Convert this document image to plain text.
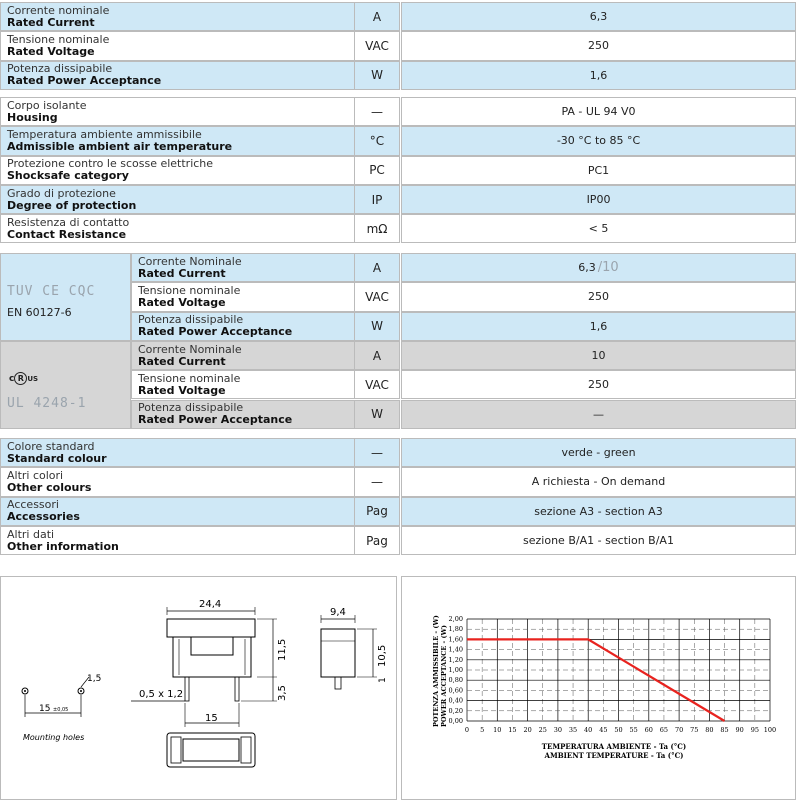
Corrente nominale
Rated Current	A	6,3
Tensione nominale
Rated Voltage	VAC	250
Potenza dissipabile
Rated Power Acceptance	W	1,6
Corpo isolante
Housing	—	PA - UL 94 V0
Temperatura ambiente ammissibile
Admissible ambient air temperature	°C	-30 °C to 85 °C
Protezione contro le scosse elettriche
Shocksafe category	PC	PC1
Grado di protezione
Degree of protection	IP	IP00
Resistenza di contatto
Contact Resistance	mΩ	< 5
TUV CE CQC
EN 60127-6
Corrente Nominale
Rated Current	A	6,3 /10
Tensione nominale
Rated Voltage	VAC	250
Potenza dissipabile
Rated Power Acceptance	W	1,6
c R US
UL 4248-1
Corrente Nominale
Rated Current	A	10
Tensione nominale
Rated Voltage	VAC	250
Potenza dissipabile
Rated Power Acceptance	W	—
Colore standard
Standard colour	—	verde - green
Altri colori
Other colours	—	A richiesta - On demand
Accessori
Accessories	Pag	sezione A3 - section A3
Altri dati
Other information	Pag	sezione B/A1 - section B/A1
15 ±0,05
1,5
Mounting holes
24,4
11,5
3,5
0,5 x 1,2
15
9,4
10,5
1
0 5 10 15 20 25 30 35 40 45 50 55 60 65 70 75 80 85 90 95 100
0,00
0,20
0,40
0,60
0,80
1,00
1,20
1,40
1,60
1,80
2,00
POTENZA AMMISSIBILE - (W) POWER ACCEPTANCE - (W)
TEMPERATURA AMBIENTE - Ta (°C)
AMBIENT TEMPERATURE - Ta (°C)
